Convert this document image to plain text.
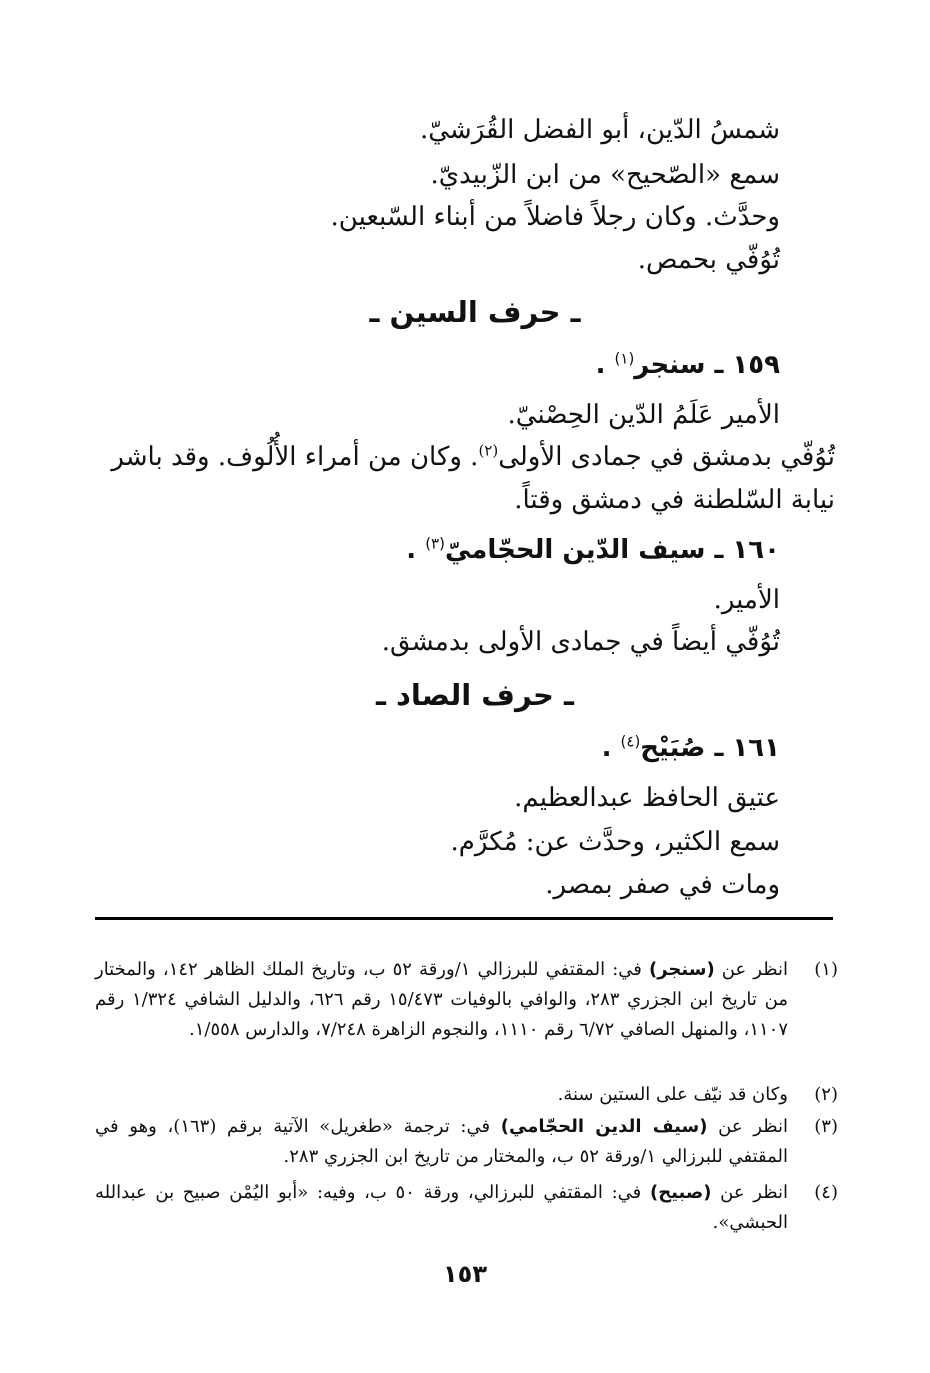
شمسُ الدّين، أبو الفضل القُرَشيّ.
سمع «الصّحيح» من ابن الزّبيديّ.
وحدَّث. وكان رجلاً فاضلاً من أبناء السّبعين.
تُوُفّي بحمص.
ـ حرف السين ـ
١٥٩ ـ سنجر$^{(١)}$ .
الأمير عَلَمُ الدّين الحِصْنيّ.
تُوُفّي بدمشق في جمادى الأولى$^{(٢)}$. وكان من أمراء الأُلُوف. وقد باشر
نيابة السّلطنة في دمشق وقتاً.
١٦٠ ـ سيف الدّين الحجّاميّ$^{(٣)}$ .
الأمير.
تُوُفّي أيضاً في جمادى الأولى بدمشق.
ـ حرف الصاد ـ
١٦١ ـ صُبَيْح$^{(٤)}$ .
عتيق الحافظ عبدالعظيم.
سمع الكثير، وحدَّث عن: مُكرَّم.
ومات في صفر بمصر.
(١)
انظر عن (سنجر) في: المقتفي للبرزالي ١/ورقة ٥٢ ب، وتاريخ الملك الظاهر ١٤٢، والمختار من تاريخ ابن الجزري ٢٨٣، والوافي بالوفيات ١٥/٤٧٣ رقم ٦٢٦، والدليل الشافي ١/٣٢٤ رقم ١١٠٧، والمنهل الصافي ٦/٧٢ رقم ١١١٠، والنجوم الزاهرة ٧/٢٤٨، والدارس ١/٥٥٨.
(٢)
وكان قد نيّف على الستين سنة.
(٣)
انظر عن (سيف الدين الحجّامي) في: ترجمة «طغريل» الآتية برقم (١٦٣)، وهو في المقتفي للبرزالي ١/ورقة ٥٢ ب، والمختار من تاريخ ابن الجزري ٢٨٣.
(٤)
انظر عن (صبيح) في: المقتفي للبرزالي، ورقة ٥٠ ب، وفيه: «أبو اليُمْن صبيح بن عبدالله الحبشي».
١٥٣
